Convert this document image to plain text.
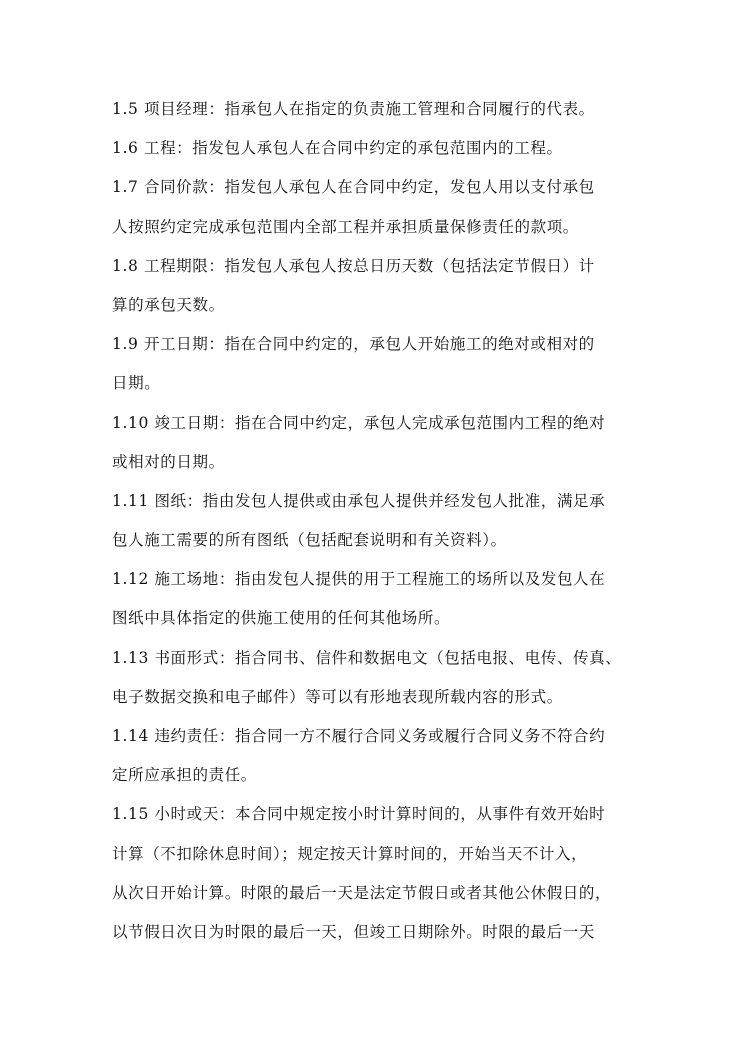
1.5 项目经理：指承包人在指定的负责施工管理和合同履行的代表。
1.6 工程：指发包人承包人在合同中约定的承包范围内的工程。
1.7 合同价款：指发包人承包人在合同中约定，发包人用以支付承包
人按照约定完成承包范围内全部工程并承担质量保修责任的款项。
1.8 工程期限：指发包人承包人按总日历天数（包括法定节假日）计
算的承包天数。
1.9 开工日期：指在合同中约定的，承包人开始施工的绝对或相对的
日期。
1.10 竣工日期：指在合同中约定，承包人完成承包范围内工程的绝对
或相对的日期。
1.11 图纸：指由发包人提供或由承包人提供并经发包人批准，满足承
包人施工需要的所有图纸（包括配套说明和有关资料）。
1.12 施工场地：指由发包人提供的用于工程施工的场所以及发包人在
图纸中具体指定的供施工使用的任何其他场所。
1.13 书面形式：指合同书、信件和数据电文（包括电报、电传、传真、
电子数据交换和电子邮件）等可以有形地表现所载内容的形式。
1.14 违约责任：指合同一方不履行合同义务或履行合同义务不符合约
定所应承担的责任。
1.15 小时或天：本合同中规定按小时计算时间的，从事件有效开始时
计算（不扣除休息时间）；规定按天计算时间的，开始当天不计入，
从次日开始计算。时限的最后一天是法定节假日或者其他公休假日的，
以节假日次日为时限的最后一天，但竣工日期除外。时限的最后一天
